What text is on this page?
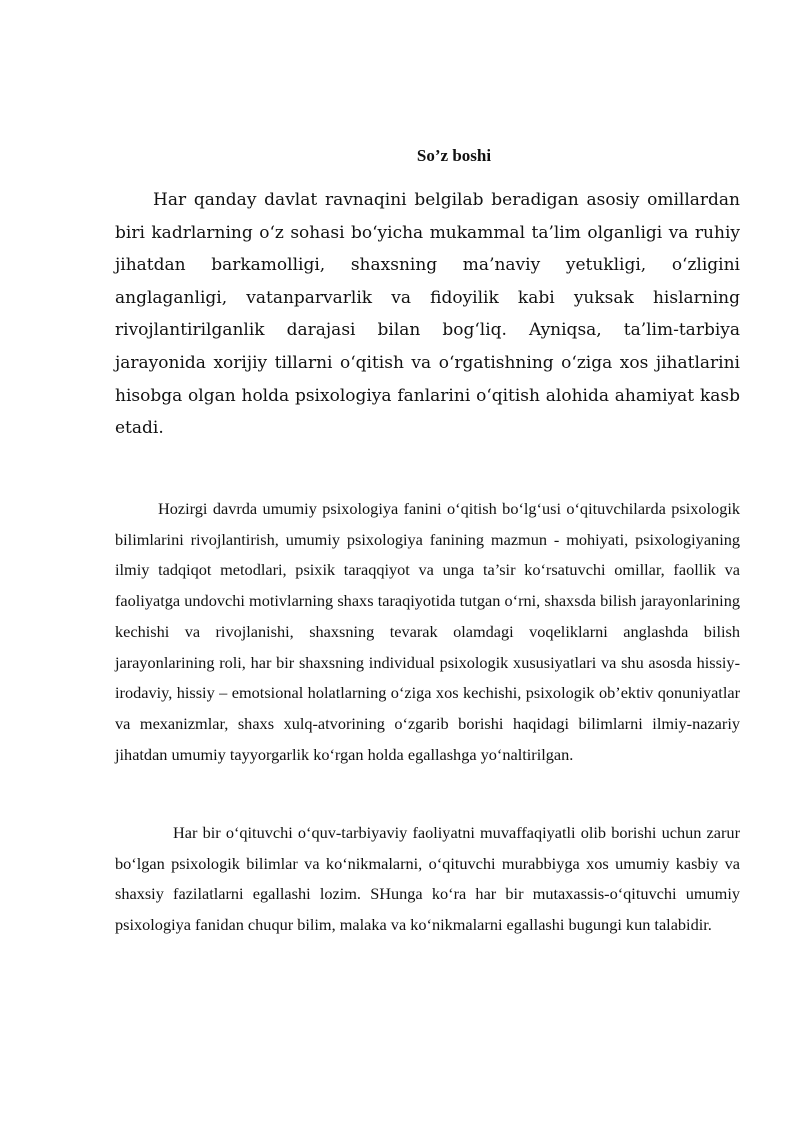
So’z boshi

Har qanday davlat ravnaqini belgilab beradigan asosiy omillardan biri kadrlarning o‘z sohasi bo‘yicha mukammal ta’lim olganligi va ruhiy jihatdan barkamolligi, shaxsning ma’naviy yetukligi, o‘zligini anglaganligi, vatanparvarlik va fidoyilik kabi yuksak hislarning rivojlantirilganlik darajasi bilan bog‘liq. Ayniqsa, ta’lim-tarbiya jarayonida xorijiy tillarni o‘qitish va o‘rgatishning o‘ziga xos jihatlarini hisobga olgan holda psixologiya fanlarini o‘qitish alohida ahamiyat kasb etadi.

Hozirgi davrda umumiy psixologiya fanini o‘qitish bo‘lg‘usi o‘qituvchilarda psixologik bilimlarini rivojlantirish, umumiy psixologiya fanining mazmun - mohiyati, psixologiyaning ilmiy tadqiqot metodlari, psixik taraqqiyot va unga ta’sir ko‘rsatuvchi omillar, faollik va faoliyatga undovchi motivlarning shaxs taraqiyotida tutgan o‘rni, shaxsda bilish jarayonlarining kechishi va rivojlanishi, shaxsning tevarak olamdagi voqeliklarni anglashda bilish jarayonlarining roli, har bir shaxsning individual psixologik xususiyatlari va shu asosda hissiy-irodaviy, hissiy – emotsional holatlarning o‘ziga xos kechishi, psixologik ob’ektiv qonuniyatlar va mexanizmlar, shaxs xulq-atvorining o‘zgarib borishi haqidagi bilimlarni ilmiy-nazariy jihatdan umumiy tayyorgarlik ko‘rgan holda egallashga yo‘naltirilgan.

Har bir o‘qituvchi o‘quv-tarbiyaviy faoliyatni muvaffaqiyatli olib borishi uchun zarur bo‘lgan psixologik bilimlar va ko‘nikmalarni, o‘qituvchi murabbiyga xos umumiy kasbiy va shaxsiy fazilatlarni egallashi lozim. SHunga ko‘ra har bir mutaxassis-o‘qituvchi umumiy psixologiya fanidan chuqur bilim, malaka va ko‘nikmalarni egallashi bugungi kun talabidir.
